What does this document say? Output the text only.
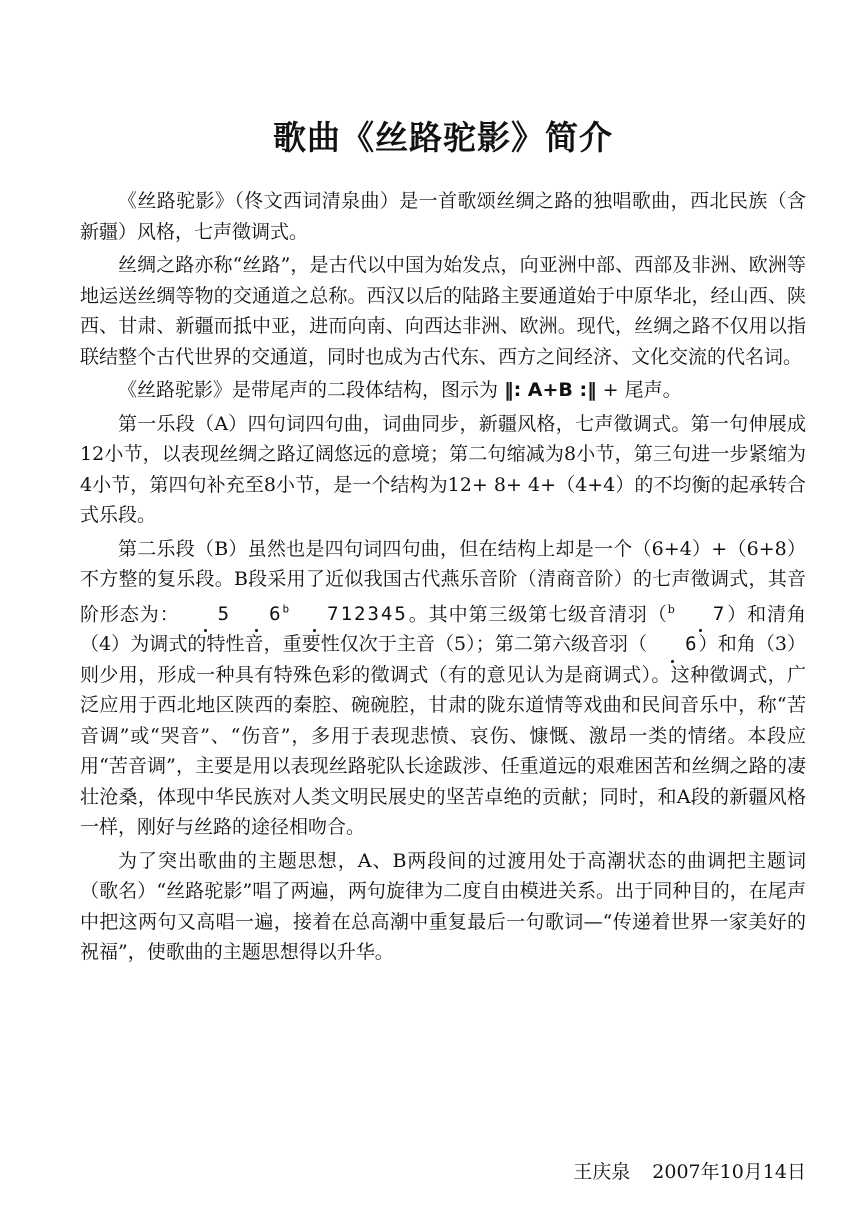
歌曲《丝路驼影》简介

《丝路驼影》（佟文西词清泉曲）是一首歌颂丝绸之路的独唱歌曲，西北民族（含新疆）风格，七声徵调式。

丝绸之路亦称“丝路”，是古代以中国为始发点，向亚洲中部、西部及非洲、欧洲等地运送丝绸等物的交通道之总称。西汉以后的陆路主要通道始于中原华北，经山西、陕西、甘肃、新疆而抵中亚，进而向南、向西达非洲、欧洲。现代，丝绸之路不仅用以指联结整个古代世界的交通道，同时也成为古代东、西方之间经济、文化交流的代名词。

《丝路驼影》是带尾声的二段体结构，图示为 ‖: A+B :‖ + 尾声。

第一乐段（A）四句词四句曲，词曲同步，新疆风格，七声徵调式。第一句伸展成12小节，以表现丝绸之路辽阔悠远的意境；第二句缩减为8小节，第三句进一步紧缩为4小节，第四句补充至8小节，是一个结构为12+ 8+ 4+（4+4）的不均衡的起承转合式乐段。

第二乐段（B）虽然也是四句词四句曲，但在结构上却是一个（6+4）+（6+8）不方整的复乐段。B段采用了近似我国古代燕乐音阶（清商音阶）的七声徵调式，其音阶形态为： 5 6$^b$ 712345。其中第三级第七级音清羽（$^b$ 7）和清角（4）为调式的特性音，重要性仅次于主音（5）；第二第六级音羽（ 6）和角（3）则少用，形成一种具有特殊色彩的徵调式（有的意见认为是商调式）。这种徵调式，广泛应用于西北地区陕西的秦腔、碗碗腔，甘肃的陇东道情等戏曲和民间音乐中，称“苦音调”或“哭音”、“伤音”，多用于表现悲愤、哀伤、慷慨、激昂一类的情绪。本段应用“苦音调”，主要是用以表现丝路驼队长途跋涉、任重道远的艰难困苦和丝绸之路的凄壮沧桑，体现中华民族对人类文明民展史的坚苦卓绝的贡献；同时，和A段的新疆风格一样，刚好与丝路的途径相吻合。

为了突出歌曲的主题思想，A、B两段间的过渡用处于高潮状态的曲调把主题词（歌名）“丝路驼影”唱了两遍，两句旋律为二度自由模进关系。出于同种目的，在尾声中把这两句又高唱一遍，接着在总高潮中重复最后一句歌词—“传递着世界一家美好的祝福”，使歌曲的主题思想得以升华。

王庆泉 2007年10月14日
